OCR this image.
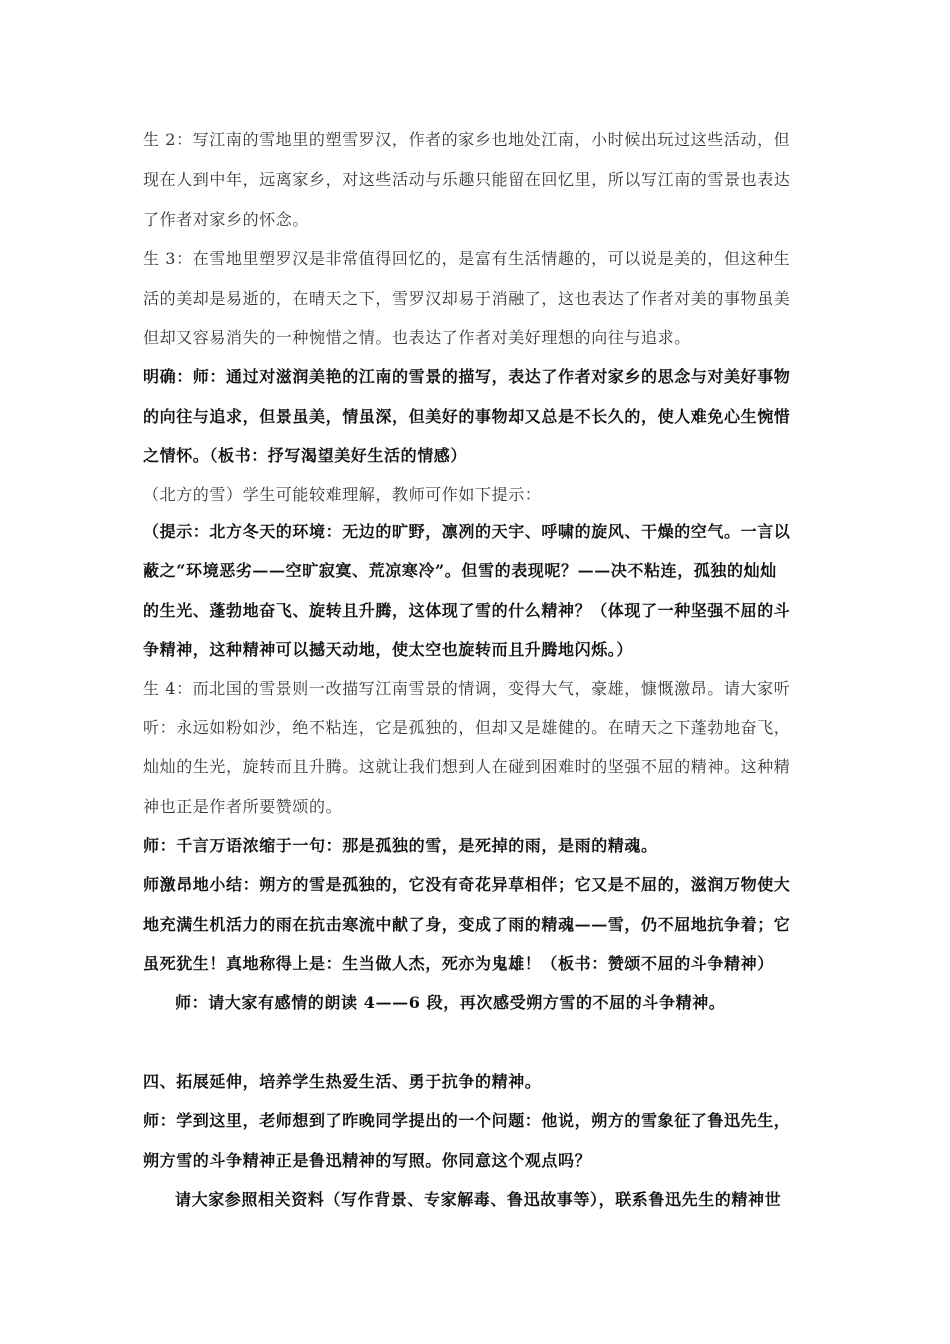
生 2：写江南的雪地里的塑雪罗汉，作者的家乡也地处江南，小时候出玩过这些活动，但
现在人到中年，远离家乡，对这些活动与乐趣只能留在回忆里，所以写江南的雪景也表达
了作者对家乡的怀念。
生 3：在雪地里塑罗汉是非常值得回忆的，是富有生活情趣的，可以说是美的，但这种生
活的美却是易逝的，在晴天之下，雪罗汉却易于消融了，这也表达了作者对美的事物虽美
但却又容易消失的一种惋惜之情。也表达了作者对美好理想的向往与追求。
明确：师：通过对滋润美艳的江南的雪景的描写，表达了作者对家乡的思念与对美好事物
的向往与追求，但景虽美，情虽深，但美好的事物却又总是不长久的，使人难免心生惋惜
之情怀。（板书：抒写渴望美好生活的情感）
（北方的雪）学生可能较难理解，教师可作如下提示：
（提示：北方冬天的环境：无边的旷野，凛冽的天宇、呼啸的旋风、干燥的空气。一言以
蔽之“环境恶劣——空旷寂寞、荒凉寒冷”。但雪的表现呢？——决不粘连，孤独的灿灿
的生光、蓬勃地奋飞、旋转且升腾，这体现了雪的什么精神？（体现了一种坚强不屈的斗
争精神，这种精神可以撼天动地，使太空也旋转而且升腾地闪烁。）
生 4：而北国的雪景则一改描写江南雪景的情调，变得大气，豪雄，慷慨激昂。请大家听
听：永远如粉如沙，绝不粘连，它是孤独的，但却又是雄健的。在晴天之下蓬勃地奋飞，
灿灿的生光，旋转而且升腾。这就让我们想到人在碰到困难时的坚强不屈的精神。这种精
神也正是作者所要赞颂的。
师：千言万语浓缩于一句：那是孤独的雪，是死掉的雨，是雨的精魂。
师激昂地小结：朔方的雪是孤独的，它没有奇花异草相伴；它又是不屈的，滋润万物使大
地充满生机活力的雨在抗击寒流中献了身，变成了雨的精魂——雪，仍不屈地抗争着；它
虽死犹生！真地称得上是：生当做人杰，死亦为鬼雄！（板书：赞颂不屈的斗争精神）
师：请大家有感情的朗读 4——6 段，再次感受朔方雪的不屈的斗争精神。
四、拓展延伸，培养学生热爱生活、勇于抗争的精神。
师：学到这里，老师想到了昨晚同学提出的一个问题：他说，朔方的雪象征了鲁迅先生，
朔方雪的斗争精神正是鲁迅精神的写照。你同意这个观点吗？
请大家参照相关资料（写作背景、专家解毒、鲁迅故事等），联系鲁迅先生的精神世
